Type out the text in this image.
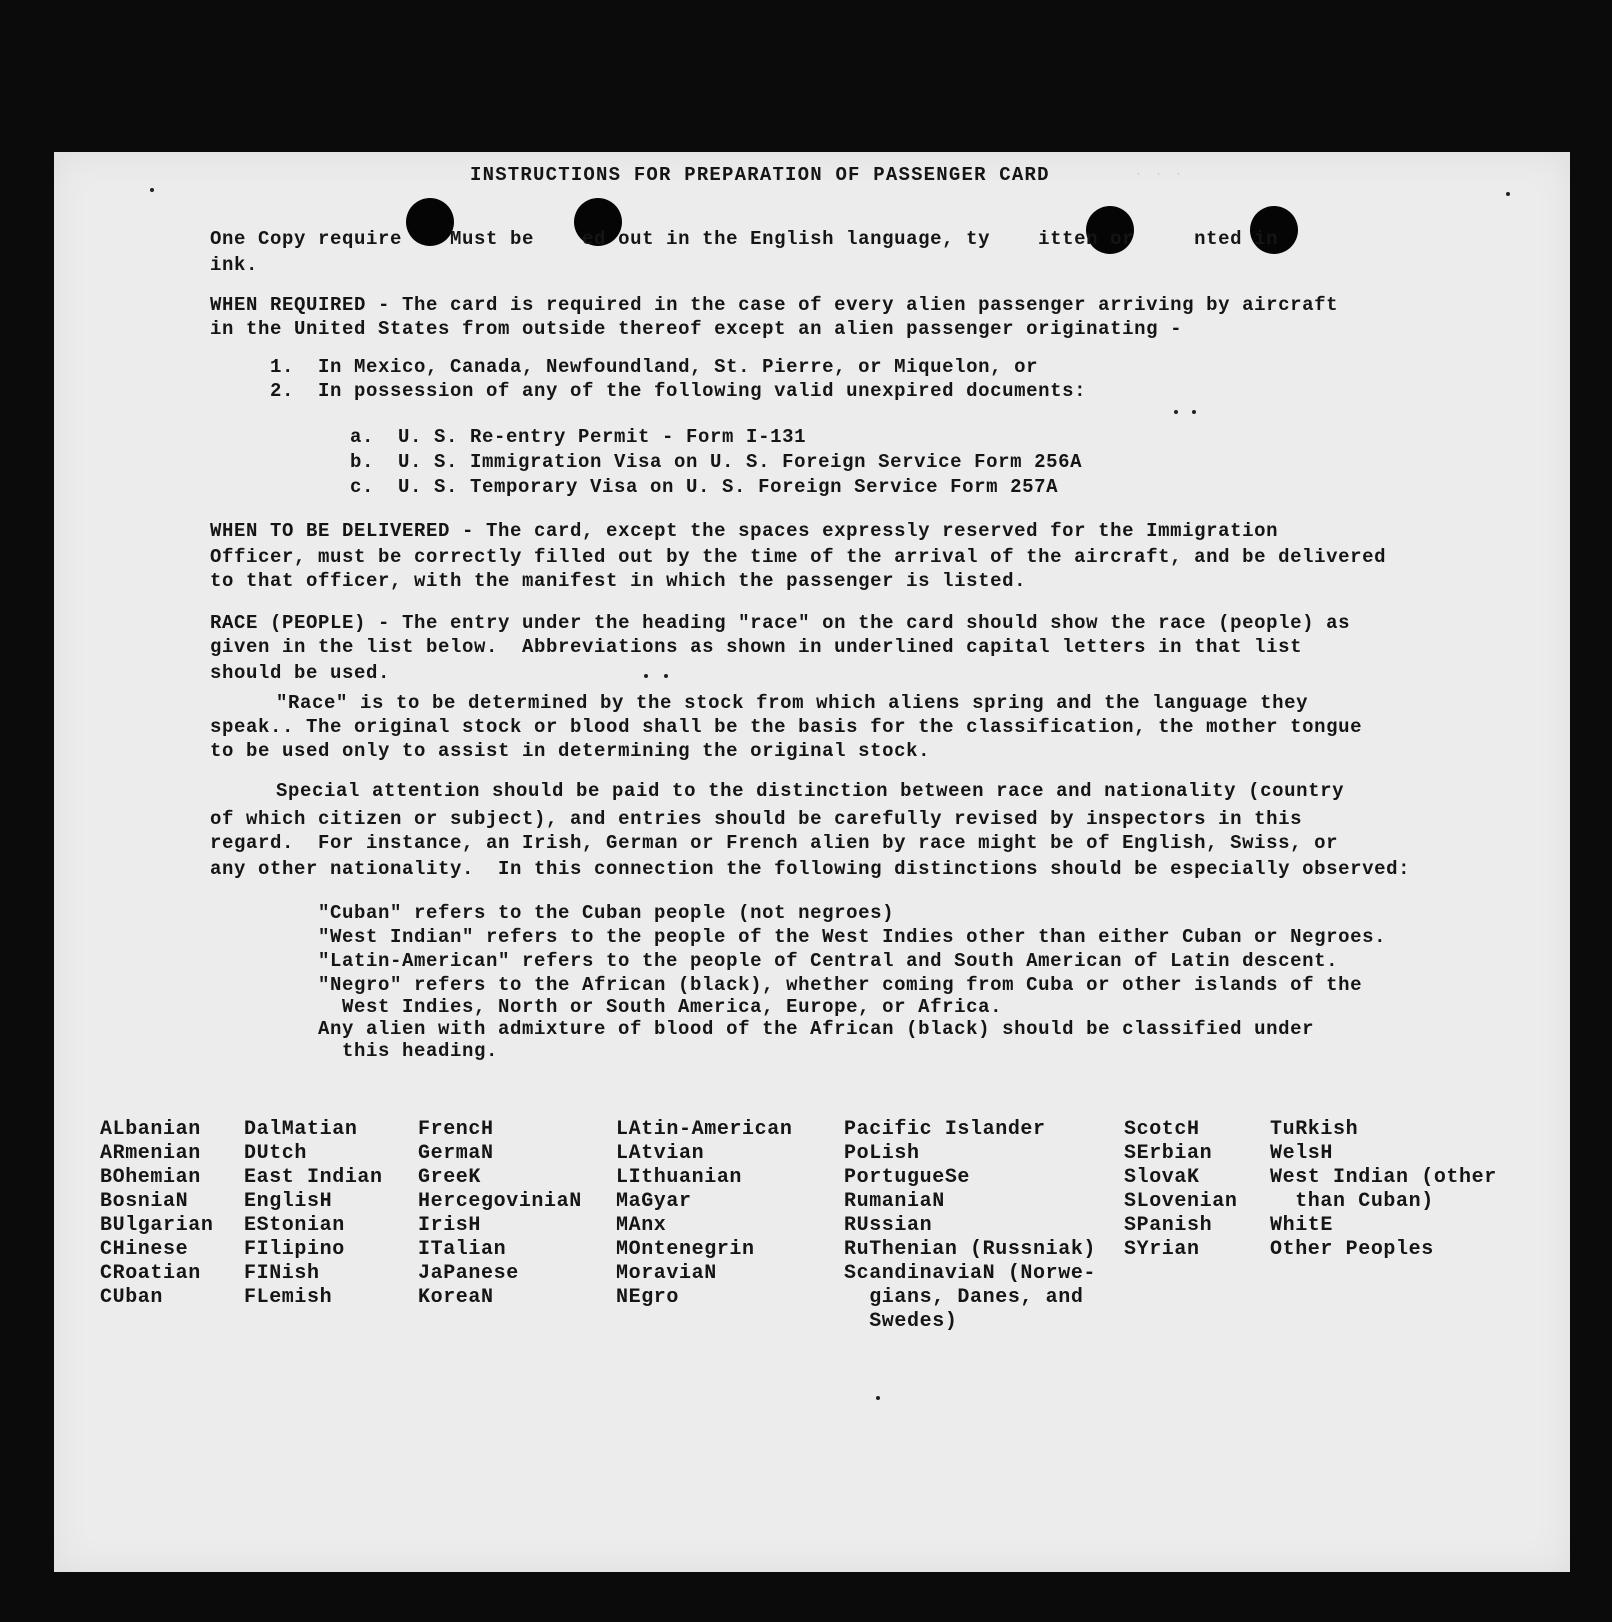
· · ·
INSTRUCTIONS FOR PREPARATION OF PASSENGER CARD
One Copy require    Must be    ed out in the English language, ty    itten or     nted in
ink.
WHEN REQUIRED - The card is required in the case of every alien passenger arriving by aircraft
in the United States from outside thereof except an alien passenger originating -
1.  In Mexico, Canada, Newfoundland, St. Pierre, or Miquelon, or
2.  In possession of any of the following valid unexpired documents:
a.  U. S. Re-entry Permit - Form I-131
b.  U. S. Immigration Visa on U. S. Foreign Service Form 256A
c.  U. S. Temporary Visa on U. S. Foreign Service Form 257A
WHEN TO BE DELIVERED - The card, except the spaces expressly reserved for the Immigration
Officer, must be correctly filled out by the time of the arrival of the aircraft, and be delivered
to that officer, with the manifest in which the passenger is listed.
RACE (PEOPLE) - The entry under the heading "race" on the card should show the race (people) as
given in the list below.  Abbreviations as shown in underlined capital letters in that list
should be used.
"Race" is to be determined by the stock from which aliens spring and the language they
speak.. The original stock or blood shall be the basis for the classification, the mother tongue
to be used only to assist in determining the original stock.
Special attention should be paid to the distinction between race and nationality (country
of which citizen or subject), and entries should be carefully revised by inspectors in this
regard.  For instance, an Irish, German or French alien by race might be of English, Swiss, or
any other nationality.  In this connection the following distinctions should be especially observed:
"Cuban" refers to the Cuban people (not negroes)
"West Indian" refers to the people of the West Indies other than either Cuban or Negroes.
"Latin-American" refers to the people of Central and South American of Latin descent.
"Negro" refers to the African (black), whether coming from Cuba or other islands of the
West Indies, North or South America, Europe, or Africa.
Any alien with admixture of blood of the African (black) should be classified under
this heading.
ALbanian
ARmenian
BOhemian
BosniaN
BUlgarian
CHinese
CRoatian
CUban
DalMatian
DUtch
East Indian
EnglisH
EStonian
FIlipino
FINish
FLemish
FrencH
GermaN
GreeK
HercegoviniaN
IrisH
ITalian
JaPanese
KoreaN
LAtin-American
LAtvian
LIthuanian
MaGyar
MAnx
MOntenegrin
MoraviaN
NEgro
Pacific Islander
PoLish
PortugueSe
RumaniaN
RUssian
RuThenian (Russniak)
ScandinaviaN (Norwe-
gians, Danes, and
Swedes)
ScotcH
SErbian
SlovaK
SLovenian
SPanish
SYrian
TuRkish
WelsH
West Indian (other
than Cuban)
WhitE
Other Peoples
